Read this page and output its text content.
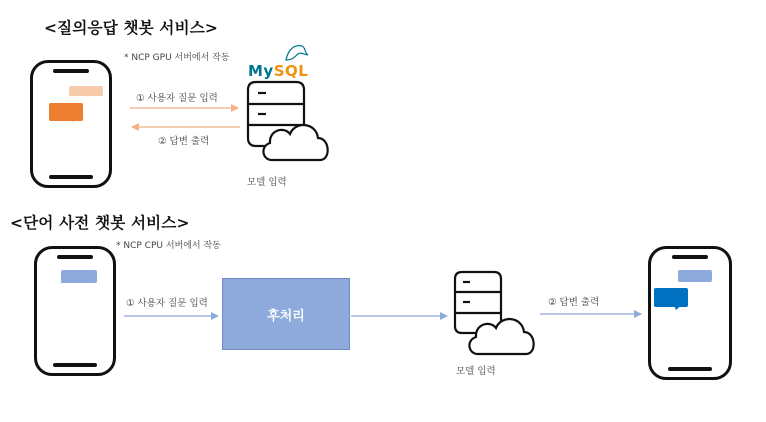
<질의응답 챗봇 서비스>
* NCP GPU 서버에서 작동
MySQL
① 사용자 질문 입력
② 답변 출력
모델 입력
<단어 사전 챗봇 서비스>
* NCP CPU 서버에서 작동
① 사용자 질문 입력
후처리
② 답변 출력
모델 입력
